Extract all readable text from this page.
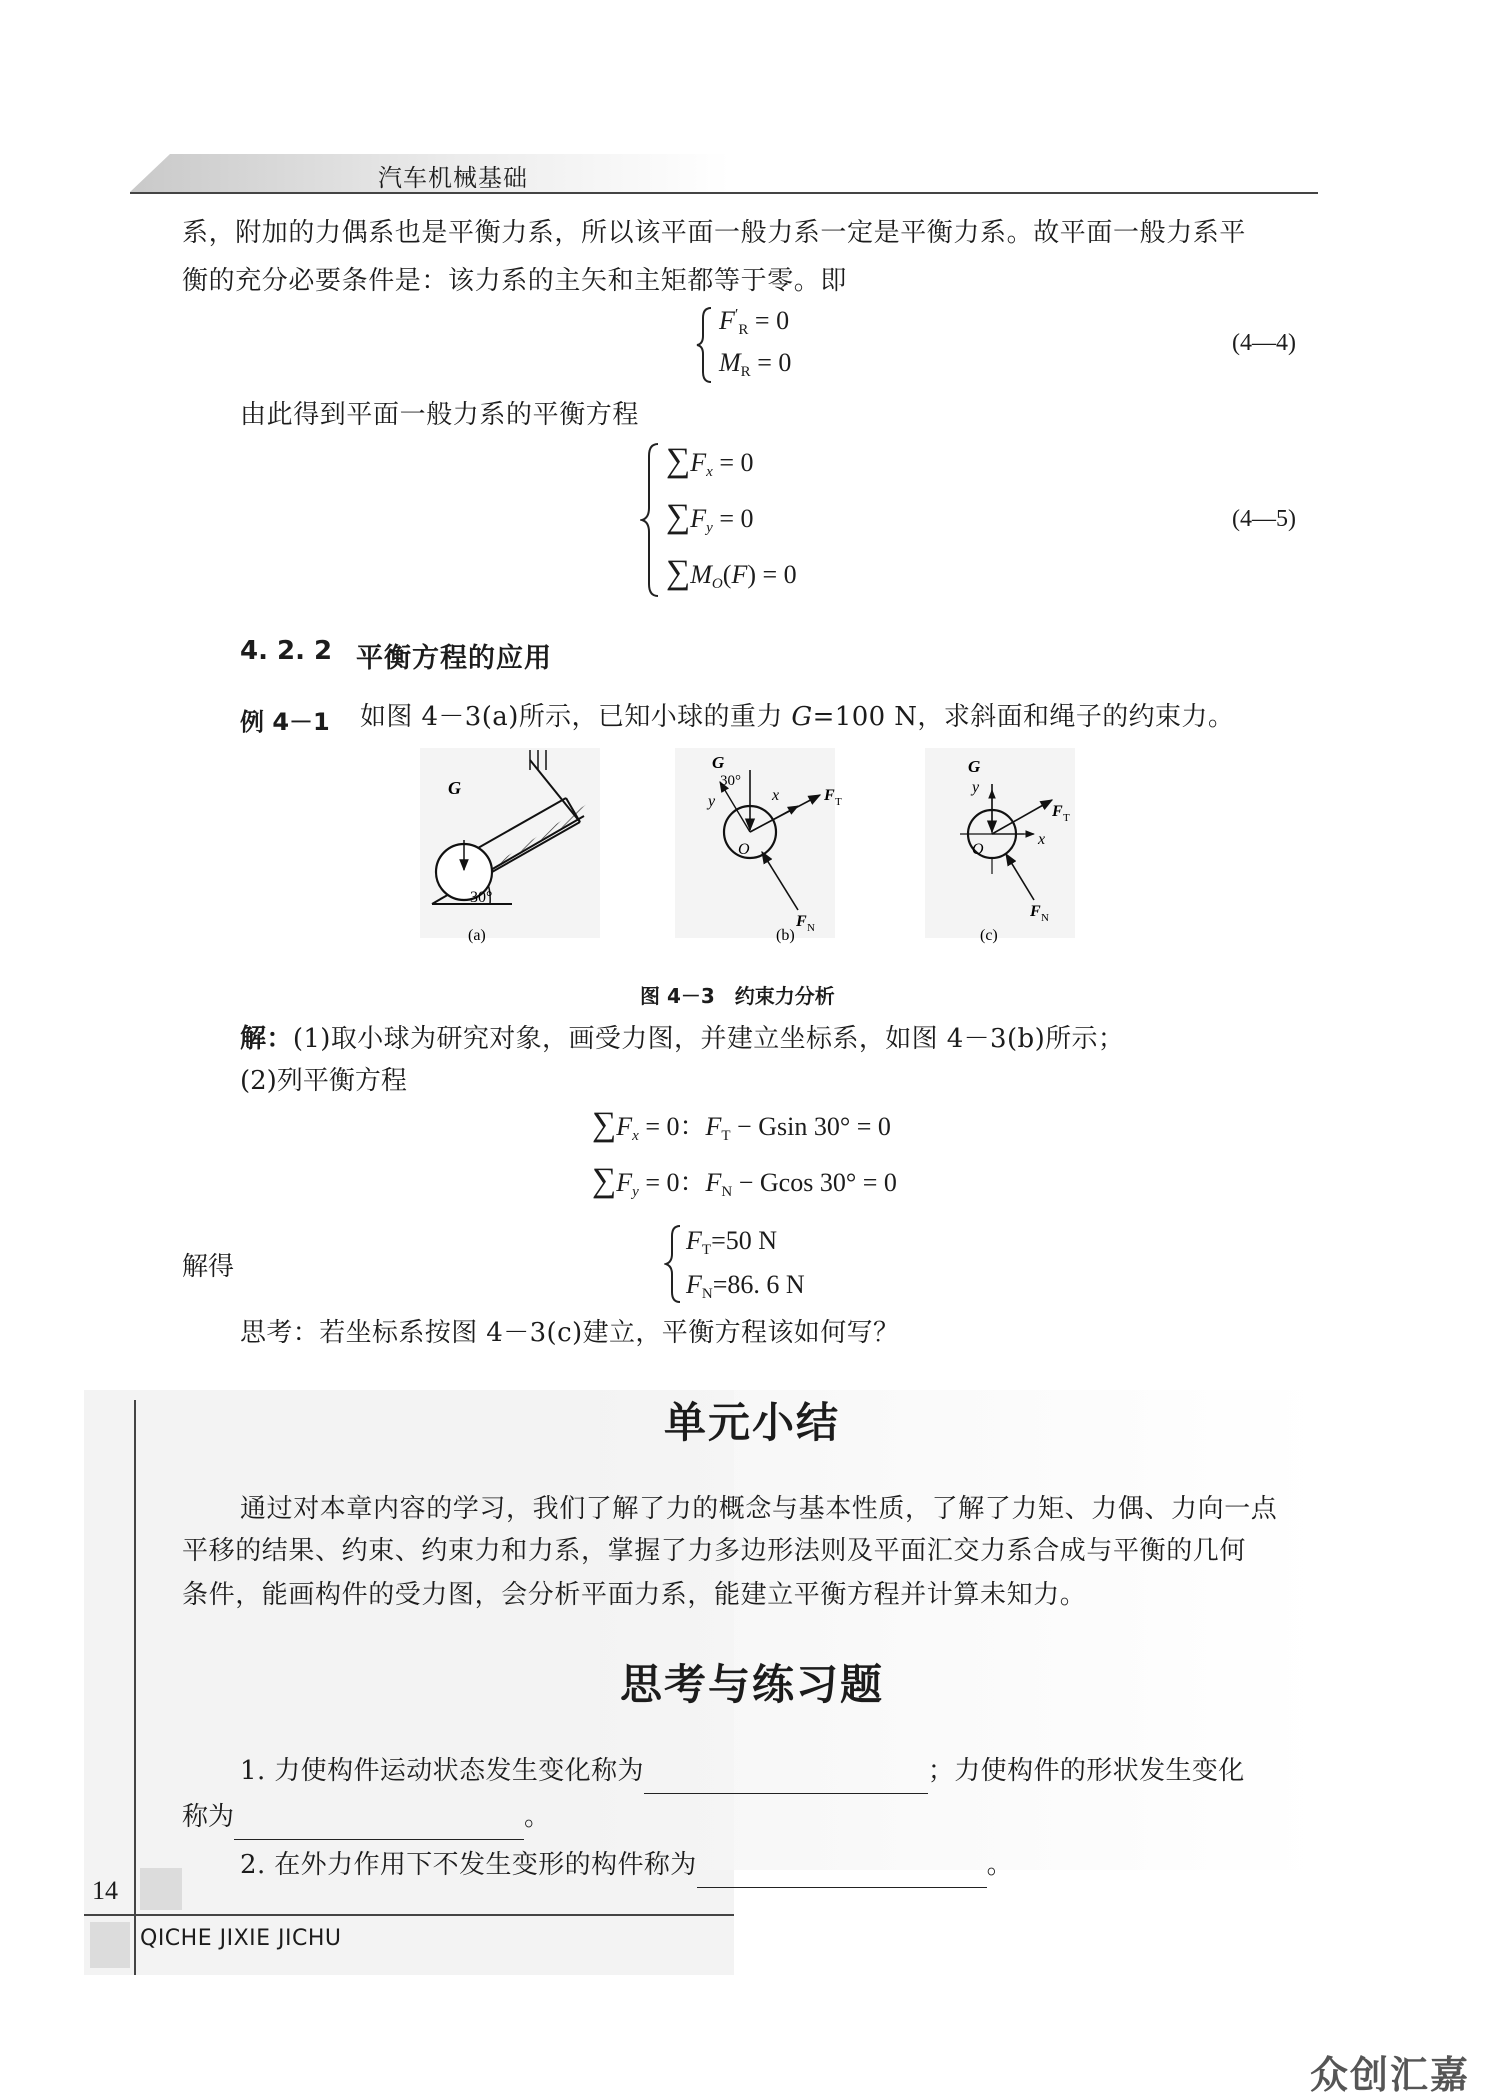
汽车机械基础
系，附加的力偶系也是平衡力系，所以该平面一般力系一定是平衡力系。故平面一般力系平
衡的充分必要条件是：该力系的主矢和主矩都等于零。即
$F'_R = 0$
$M_R = 0$
(4—4)
由此得到平面一般力系的平衡方程
$\sum F_x = 0$
$\sum F_y = 0$
$\sum M_O(F) = 0$
(4—5)
4. 2. 2 平衡方程的应用
例 4－1 如图 4－3(a)所示，已知小球的重力 G=100 N，求斜面和绳子的约束力。
G
30°
(a)
G
30°
y	x
O
F T
F N
(b)
G
y
x
O
F T
F N
(c)
图 4－3　约束力分析
解：(1)取小球为研究对象，画受力图，并建立坐标系，如图 4－3(b)所示；
(2)列平衡方程
$\sum F_x = 0$：$F_T - Gsin$ 30° = 0
$\sum F_y = 0$：$F_N - Gcos$ 30° = 0
解得
$F_T=50$ N
$F_N=86$. 6 N
思考：若坐标系按图 4－3(c)建立，平衡方程该如何写？
单元小结
通过对本章内容的学习，我们了解了力的概念与基本性质，了解了力矩、力偶、力向一点
平移的结果、约束、约束力和力系，掌握了力多边形法则及平面汇交力系合成与平衡的几何
条件，能画构件的受力图，会分析平面力系，能建立平衡方程并计算未知力。
思考与练习题
1. 力使构件运动状态发生变化称为	；力使构件的形状发生变化
称为	。
2. 在外力作用下不发生变形的构件称为	。
14
QICHE JIXIE JICHU
众创汇嘉
